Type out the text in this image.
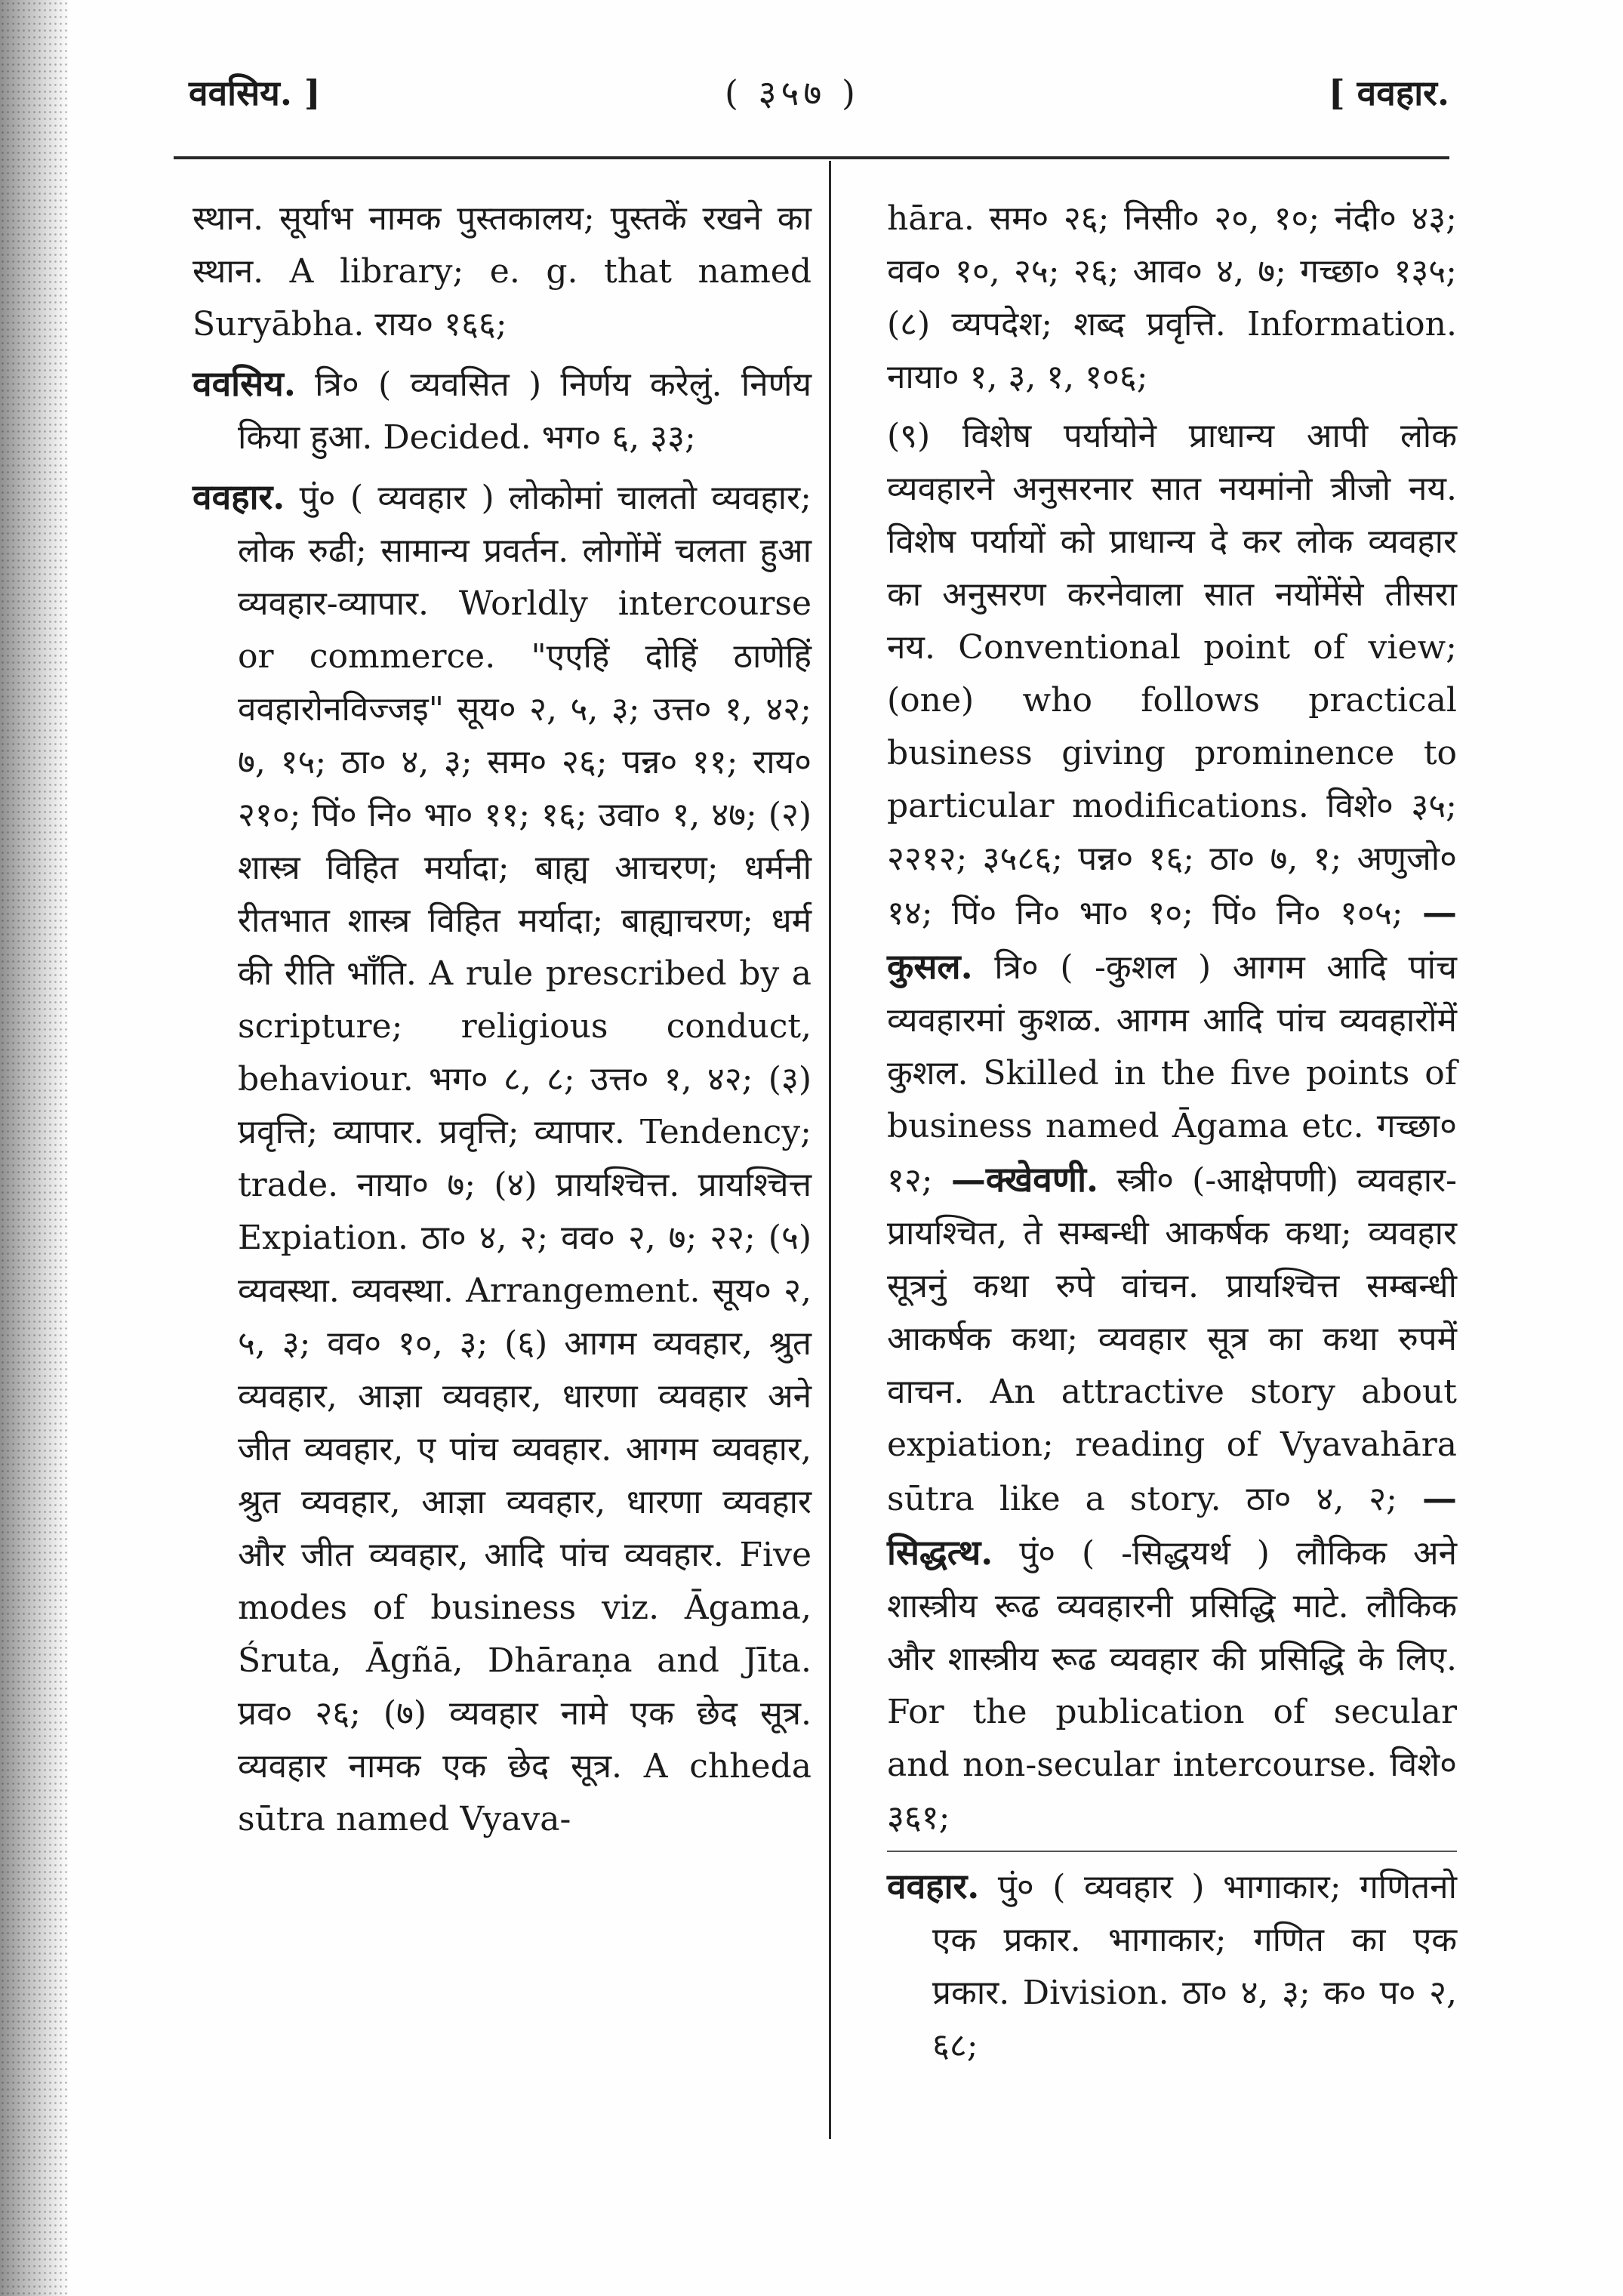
ववसिय. ]	( ३५७ )	[ ववहार.

स्थान. सूर्याभ नामक पुस्तकालय; पुस्तकें रखने का स्थान. A library; e. g. that named Suryābha. राय० १६६;

ववसिय. त्रि० ( व्यवसित ) निर्णय करेलुं. निर्णय किया हुआ. Decided. भग० ६, ३३;

ववहार. पुं० ( व्यवहार ) लोकोमां चालतो व्यवहार; लोक रुढी; सामान्य प्रवर्तन. लोगोंमें चलता हुआ व्यवहार-व्यापार. Worldly intercourse or commerce. "एएहिं दोहिं ठाणेहिं ववहारोनविज्जइ" सूय० २, ५, ३; उत्त० १, ४२; ७, १५; ठा० ४, ३; सम० २६; पन्न० ११; राय० २१०; पिं० नि० भा० ११; १६; उवा० १, ४७; (२) शास्त्र विहित मर्यादा; बाह्य आचरण; धर्मनी रीतभात शास्त्र विहित मर्यादा; बाह्याचरण; धर्म की रीति भाँति. A rule prescribed by a scripture; religious conduct, behaviour. भग० ८, ८; उत्त० १, ४२; (३) प्रवृत्ति; व्यापार. प्रवृत्ति; व्यापार. Tendency; trade. नाया० ७; (४) प्रायश्चित्त. प्रायश्चित्त Expiation. ठा० ४, २; वव० २, ७; २२; (५) व्यवस्था. व्यवस्था. Arrangement. सूय० २, ५, ३; वव० १०, ३; (६) आगम व्यवहार, श्रुत व्यवहार, आज्ञा व्यवहार, धारणा व्यवहार अने जीत व्यवहार, ए पांच व्यवहार. आगम व्यवहार, श्रुत व्यवहार, आज्ञा व्यवहार, धारणा व्यवहार और जीत व्यवहार, आदि पांच व्यवहार. Five modes of business viz. Āgama, Śruta, Āgñā, Dhāraṇa and Jīta. प्रव० २६; (७) व्यवहार नामे एक छेद सूत्र. व्यवहार नामक एक छेद सूत्र. A chheda sūtra named Vyava-

hāra. सम० २६; निसी० २०, १०; नंदी० ४३; वव० १०, २५; २६; आव० ४, ७; गच्छा० १३५; (८) व्यपदेश; शब्द प्रवृत्ति. Information. नाया० १, ३, १, १०६;

(९) विशेष पर्यायोने प्राधान्य आपी लोक व्यवहारने अनुसरनार सात नयमांनो त्रीजो नय. विशेष पर्यायों को प्राधान्य दे कर लोक व्यवहार का अनुसरण करनेवाला सात नयोंमेंसे तीसरा नय. Conventional point of view; (one) who follows practical business giving prominence to particular modifications. विशे० ३५; २२१२; ३५८६; पन्न० १६; ठा० ७, १; अणुजो० १४; पिं० नि० भा० १०; पिं० नि० १०५; —कुसल. त्रि० ( -कुशल ) आगम आदि पांच व्यवहारमां कुशळ. आगम आदि पांच व्यवहारोंमें कुशल. Skilled in the five points of business named Āgama etc. गच्छा० १२; —क्खेवणी. स्त्री० (-आक्षेपणी) व्यवहार-प्रायश्चित, ते सम्बन्धी आकर्षक कथा; व्यवहार सूत्रनुं कथा रुपे वांचन. प्रायश्चित्त सम्बन्धी आकर्षक कथा; व्यवहार सूत्र का कथा रुपमें वाचन. An attractive story about expiation; reading of Vyavahāra sūtra like a story. ठा० ४, २; —सिद्धत्थ. पुं० ( -सिद्धयर्थ ) लौकिक अने शास्त्रीय रूढ व्यवहारनी प्रसिद्धि माटे. लौकिक और शास्त्रीय रूढ व्यवहार की प्रसिद्धि के लिए. For the publication of secular and non-secular intercourse. विशे० ३६१;

ववहार. पुं० ( व्यवहार ) भागाकार; गणितनो एक प्रकार. भागाकार; गणित का एक प्रकार. Division. ठा० ४, ३; क० प० २, ६८;
